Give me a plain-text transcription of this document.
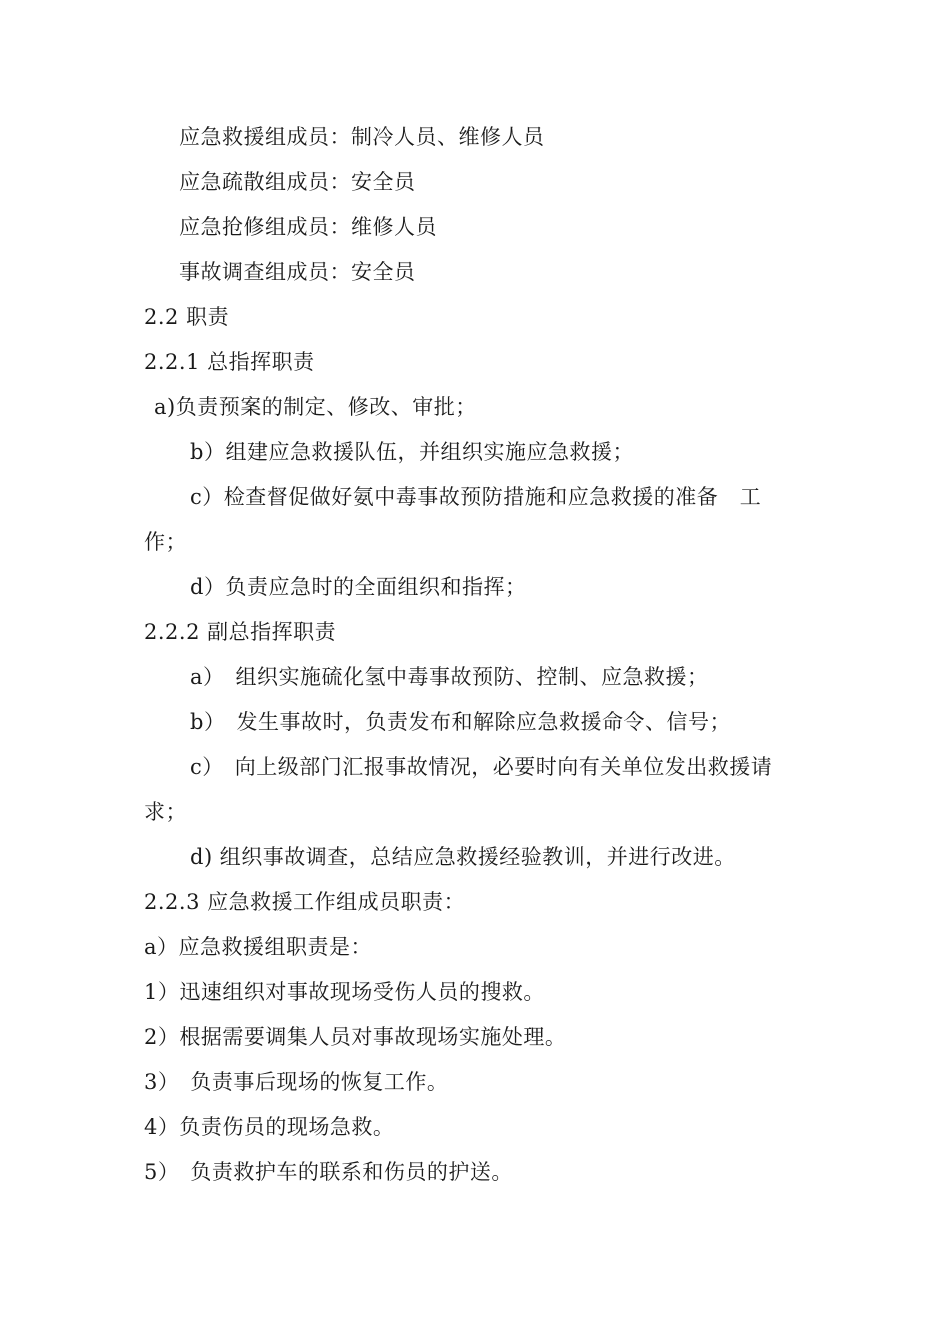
应急救援组成员：制冷人员、维修人员
应急疏散组成员：安全员
应急抢修组成员：维修人员
事故调查组成员：安全员
2.2 职责
2.2.1 总指挥职责
a)负责预案的制定、修改、审批；
b）组建应急救援队伍，并组织实施应急救援；
c）检查督促做好氨中毒事故预防措施和应急救援的准备　工
作；
d）负责应急时的全面组织和指挥；
2.2.2 副总指挥职责
a）　组织实施硫化氢中毒事故预防、控制、应急救援；
b）　发生事故时，负责发布和解除应急救援命令、信号；
c）　向上级部门汇报事故情况，必要时向有关单位发出救援请
求；
d) 组织事故调查，总结应急救援经验教训，并进行改进。
2.2.3 应急救援工作组成员职责：
a）应急救援组职责是：
1）迅速组织对事故现场受伤人员的搜救。
2）根据需要调集人员对事故现场实施处理。
3）　负责事后现场的恢复工作。
4）负责伤员的现场急救。
5）　负责救护车的联系和伤员的护送。
